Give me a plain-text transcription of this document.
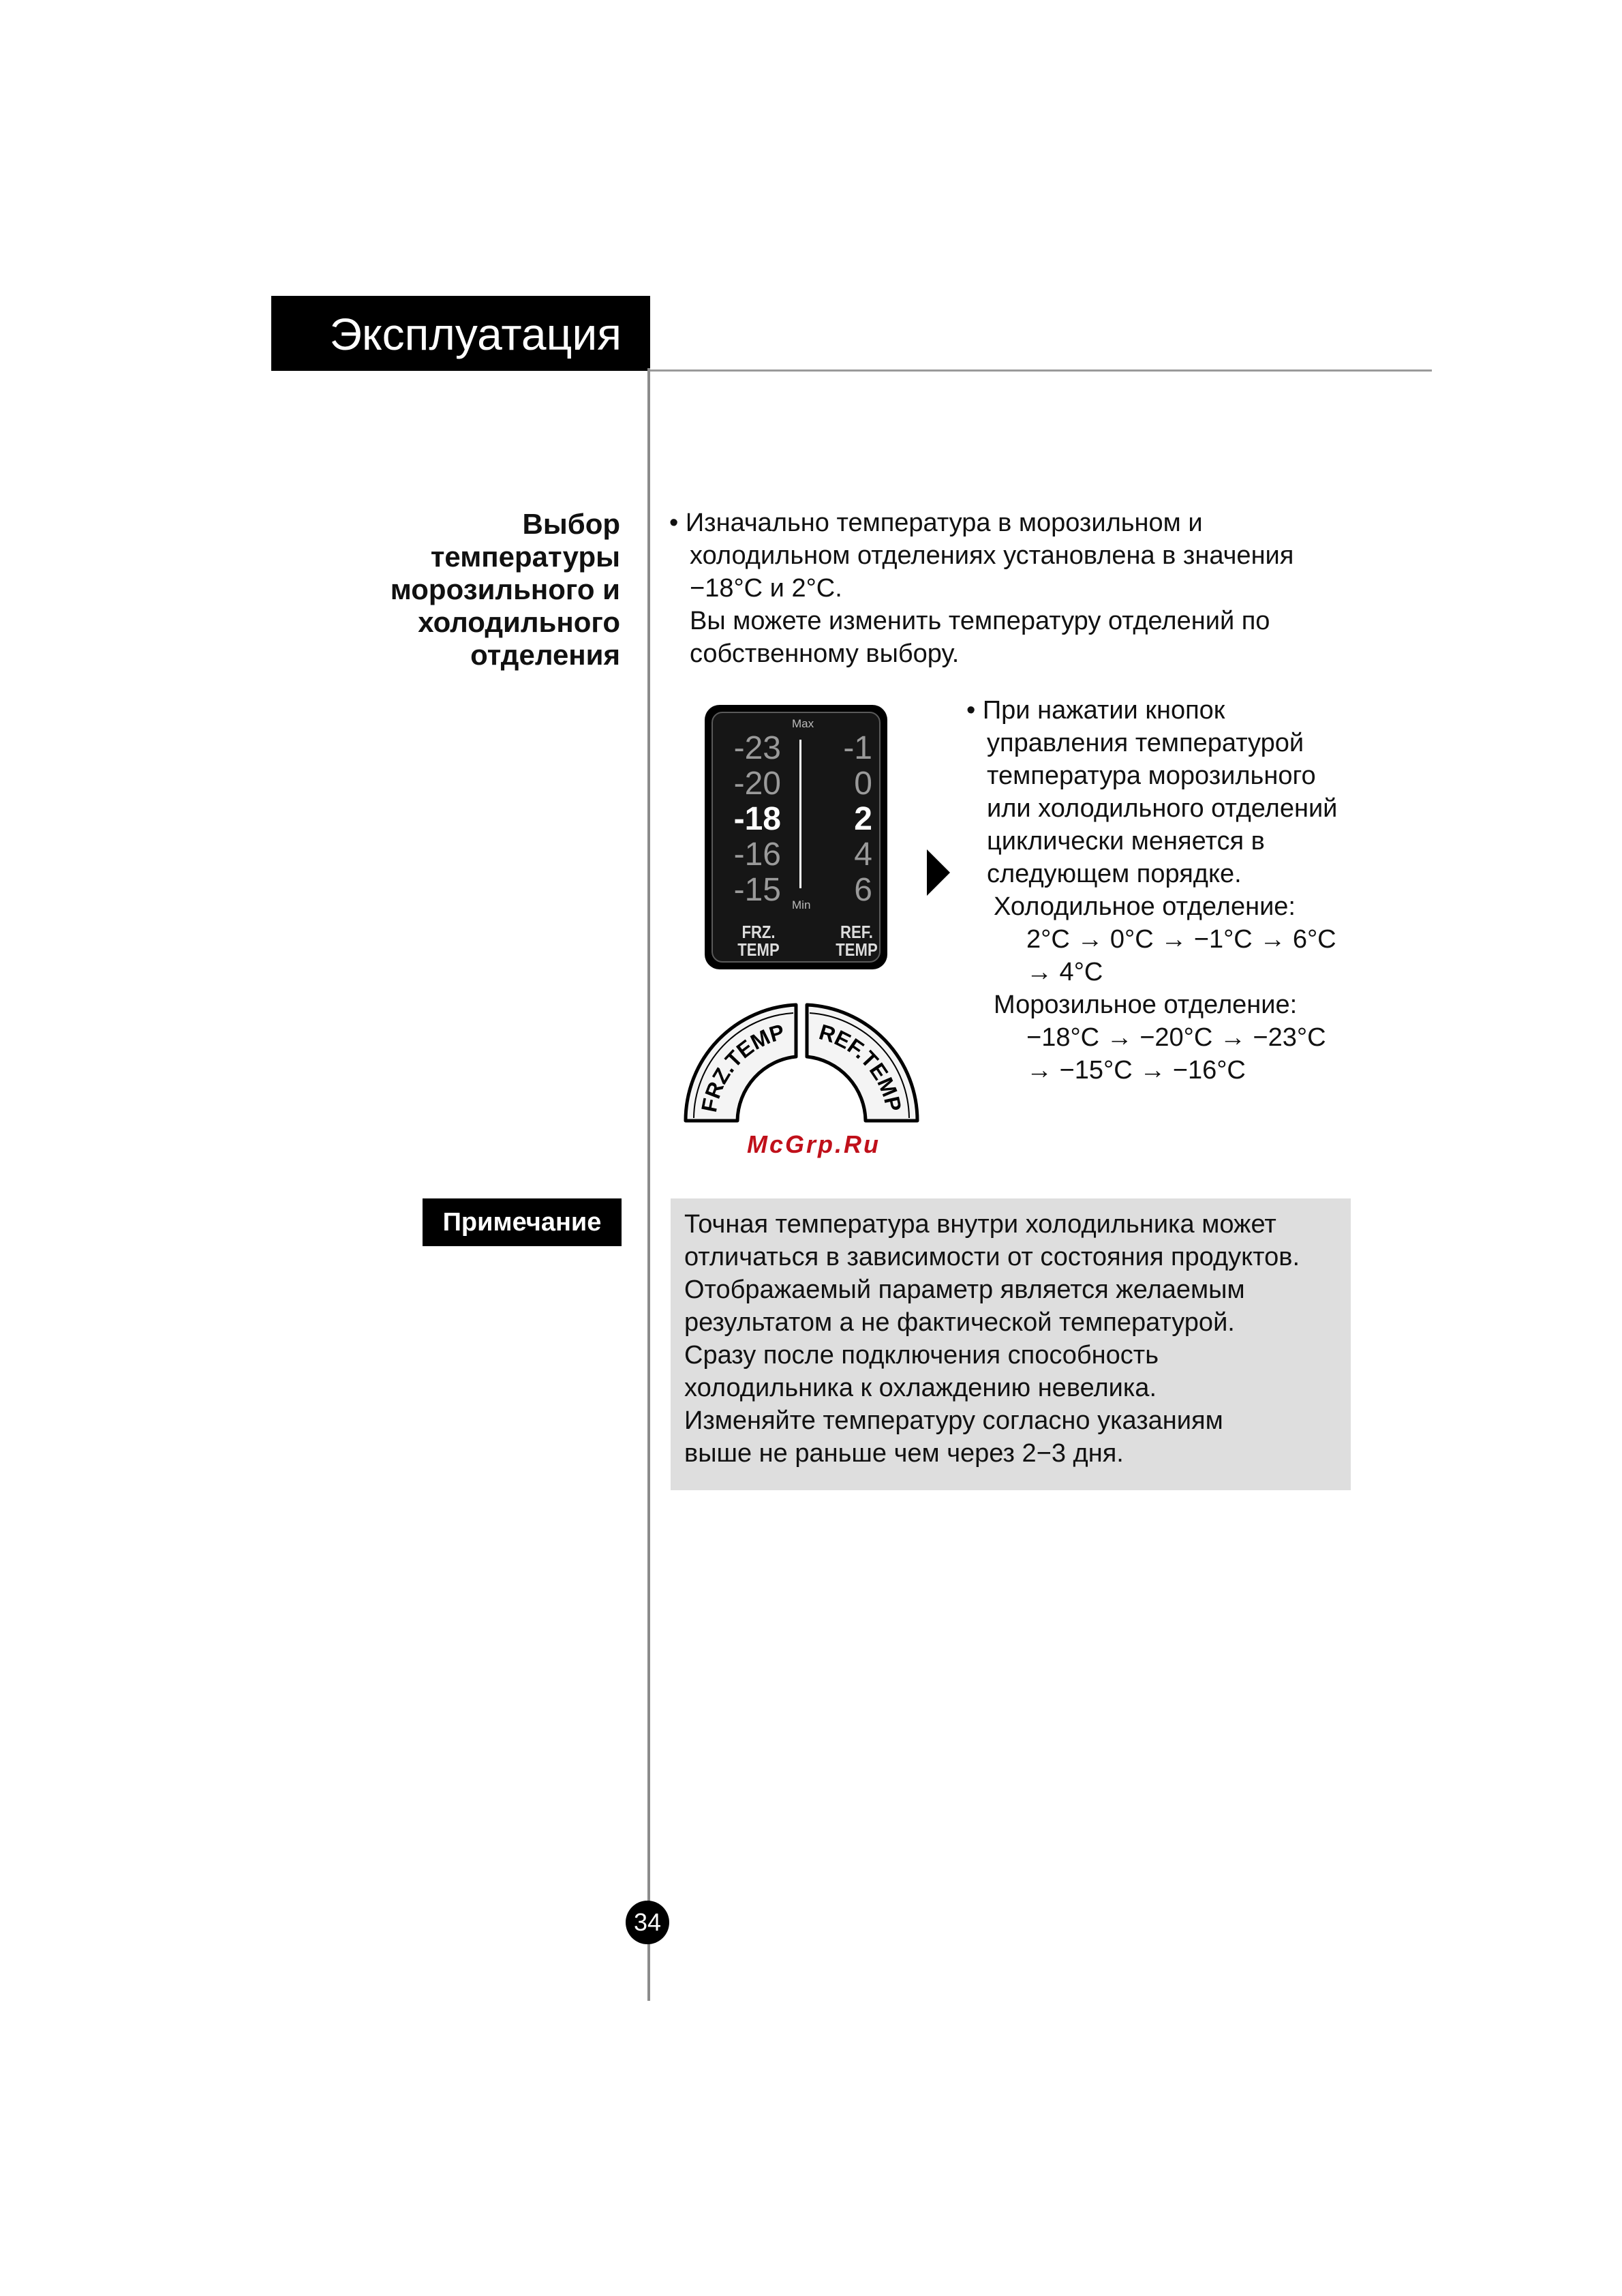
Эксплуатация
Выбор
температуры
морозильного и
холодильного
отделения
• Изначально температура в морозильном и
холодильном отделениях установлена в значения
−18°C и 2°C.
Вы можете изменить температуру отделений по
собственному выбору.
Max
Min
-23
-20
-18
-16
-15
-1
0
2
4
6
FRZ.
TEMP
REF.
TEMP
FRZ.TEMP REF.TEMP
• При нажатии кнопок
управления температурой
температура морозильного
или холодильного отделений
циклически меняется в
следующем порядке.
Холодильное отделение:
2°C → 0°C → −1°C → 6°C
→ 4°C
Морозильное отделение:
−18°C → −20°C → −23°C
→ −15°C → −16°C
McGrp.Ru
Примечание	Точная температура внутри холодильника может
отличаться в зависимости от состояния продуктов.
Отображаемый параметр является желаемым
результатом а не фактической температурой.
Сразу после подключения способность
холодильника к охлаждению невелика.
Изменяйте температуру согласно указаниям
выше не раньше чем через 2−3 дня.
34
